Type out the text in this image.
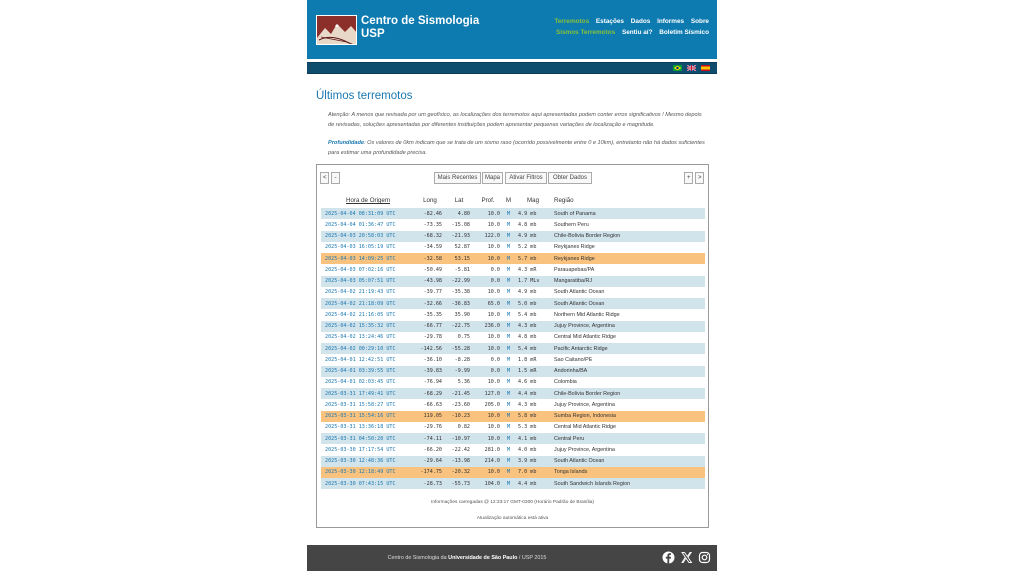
Centro de Sismologia USP
Terremotos Estações Dados Informes Sobre
Sismos Terremotos Sentiu aí? Boletim Sísmico
Últimos terremotos
Atenção: A menos que revisada por um geofísico, as localizações dos terremotos aqui apresentadas podem conter erros significativos ! Mesmo depois de revisadas, soluções apresentadas por diferentes instituições podem apresentar pequenas variações de localização e magnitude.
Profundidade: Os valores de 0km indicam que se trata de um sismo raso (ocorrido possivelmente entre 0 e 10km), entretanto não há dados suficientes para estimar uma profundidade precisa.
<	-	Mais Recentes	Mapa	Ativar Filtros	Obter Dados	+	>
Hora de Origem	Long	Lat	Prof.	M	Mag	Região
2025-04-04 08:31:09 UTC	-82.46	4.80	10.0	M	4.9 mb	South of Panama
2025-04-04 01:36:47 UTC	-73.35	-15.08	10.0	M	4.8 mb	Southern Peru
2025-04-03 20:58:03 UTC	-68.32	-21.93	122.0	M	4.9 mb	Chile-Bolivia Border Region
2025-04-03 16:05:19 UTC	-34.59	52.87	10.0	M	5.2 mb	Reykjanes Ridge
2025-04-03 14:09:25 UTC	-32.58	53.15	10.0	M	5.7 mb	Reykjanes Ridge
2025-04-03 07:02:16 UTC	-50.49	-5.81	0.0	M	4.3 mR	Parauapebas/PA
2025-04-03 05:07:51 UTC	-43.98	-22.99	0.0	M	1.7 MLv	Mangaratiba/RJ
2025-04-02 21:19:43 UTC	-39.77	-35.38	10.0	M	4.9 mb	South Atlantic Ocean
2025-04-02 21:18:09 UTC	-32.66	-36.83	65.0	M	5.0 mb	South Atlantic Ocean
2025-04-02 21:16:05 UTC	-35.35	35.90	10.0	M	5.4 mb	Northern Mid Atlantic Ridge
2025-04-02 15:35:32 UTC	-66.77	-22.75	236.0	M	4.3 mb	Jujuy Province, Argentina
2025-04-02 13:24:46 UTC	-29.78	0.75	10.0	M	4.8 mb	Central Mid Atlantic Ridge
2025-04-02 00:29:10 UTC	-142.56	-55.28	10.0	M	5.4 mb	Pacific Antarctic Ridge
2025-04-01 12:42:51 UTC	-36.10	-8.28	0.0	M	1.8 mR	Sao Caitano/PE
2025-04-01 03:39:55 UTC	-39.83	-9.99	0.0	M	1.5 mR	Andorinha/BA
2025-04-01 02:03:45 UTC	-76.94	5.36	10.0	M	4.6 mb	Colombia
2025-03-31 17:49:41 UTC	-68.29	-21.45	127.0	M	4.4 mb	Chile-Bolivia Border Region
2025-03-31 15:58:27 UTC	-66.63	-23.60	205.0	M	4.3 mb	Jujuy Province, Argentina
2025-03-31 15:54:16 UTC	119.05	-10.23	10.0	M	5.8 mb	Sumba Region, Indonesia
2025-03-31 13:36:18 UTC	-29.76	0.82	10.0	M	5.3 mb	Central Mid Atlantic Ridge
2025-03-31 04:50:20 UTC	-74.11	-10.97	10.0	M	4.1 mb	Central Peru
2025-03-30 17:17:54 UTC	-66.20	-22.42	281.0	M	4.0 mb	Jujuy Province, Argentina
2025-03-30 12:48:36 UTC	-29.64	-13.98	214.0	M	3.9 mb	South Atlantic Ocean
2025-03-30 12:18:49 UTC	-174.75	-20.32	10.0	M	7.0 mb	Tonga Islands
2025-03-30 07:43:15 UTC	-28.73	-55.73	104.0	M	4.4 mb	South Sandwich Islands Region
Informações carregadas @ 12:33:17 GMT-0300 (Horário Padrão de Brasília)
Atualização automática está ativa
Centro de Sismologia da Universidade de São Paulo / USP 2015
